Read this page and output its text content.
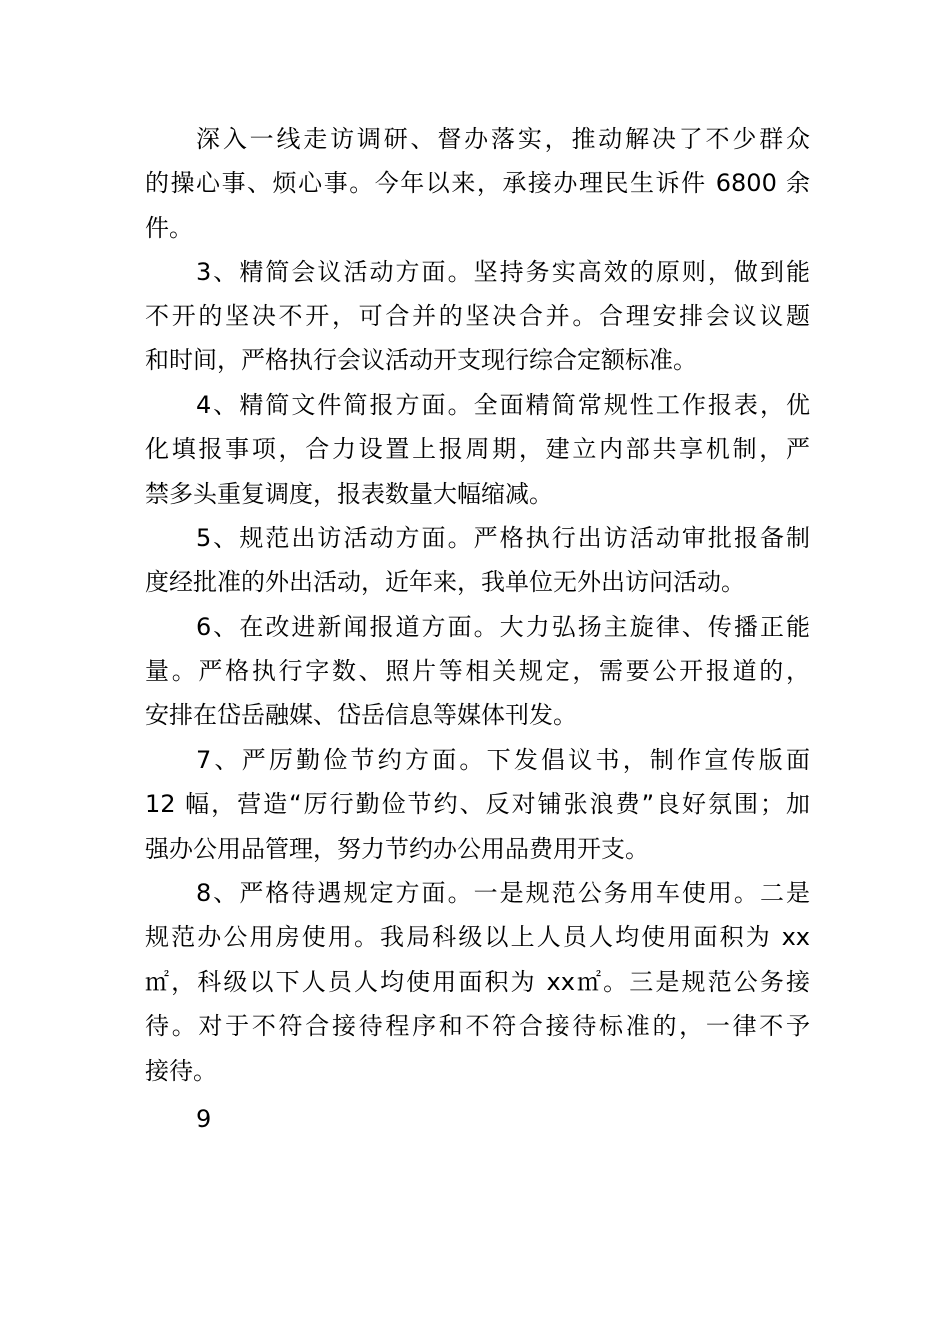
深入一线走访调研、督办落实，推动解决了不少群众
的操心事、烦心事。今年以来，承接办理民生诉件 6800 余
件。
3、精简会议活动方面。坚持务实高效的原则，做到能
不开的坚决不开，可合并的坚决合并。合理安排会议议题
和时间，严格执行会议活动开支现行综合定额标准。
4、精简文件简报方面。全面精简常规性工作报表，优
化填报事项，合力设置上报周期，建立内部共享机制，严
禁多头重复调度，报表数量大幅缩减。
5、规范出访活动方面。严格执行出访活动审批报备制
度经批准的外出活动，近年来，我单位无外出访问活动。
6、在改进新闻报道方面。大力弘扬主旋律、传播正能
量。严格执行字数、照片等相关规定，需要公开报道的，
安排在岱岳融媒、岱岳信息等媒体刊发。
7、严厉勤俭节约方面。下发倡议书，制作宣传版面
12 幅，营造“厉行勤俭节约、反对铺张浪费”良好氛围；加
强办公用品管理，努力节约办公用品费用开支。
8、严格待遇规定方面。一是规范公务用车使用。二是
规范办公用房使用。我局科级以上人员人均使用面积为 xx
㎡，科级以下人员人均使用面积为 xx㎡。三是规范公务接
待。对于不符合接待程序和不符合接待标准的，一律不予
接待。
9
